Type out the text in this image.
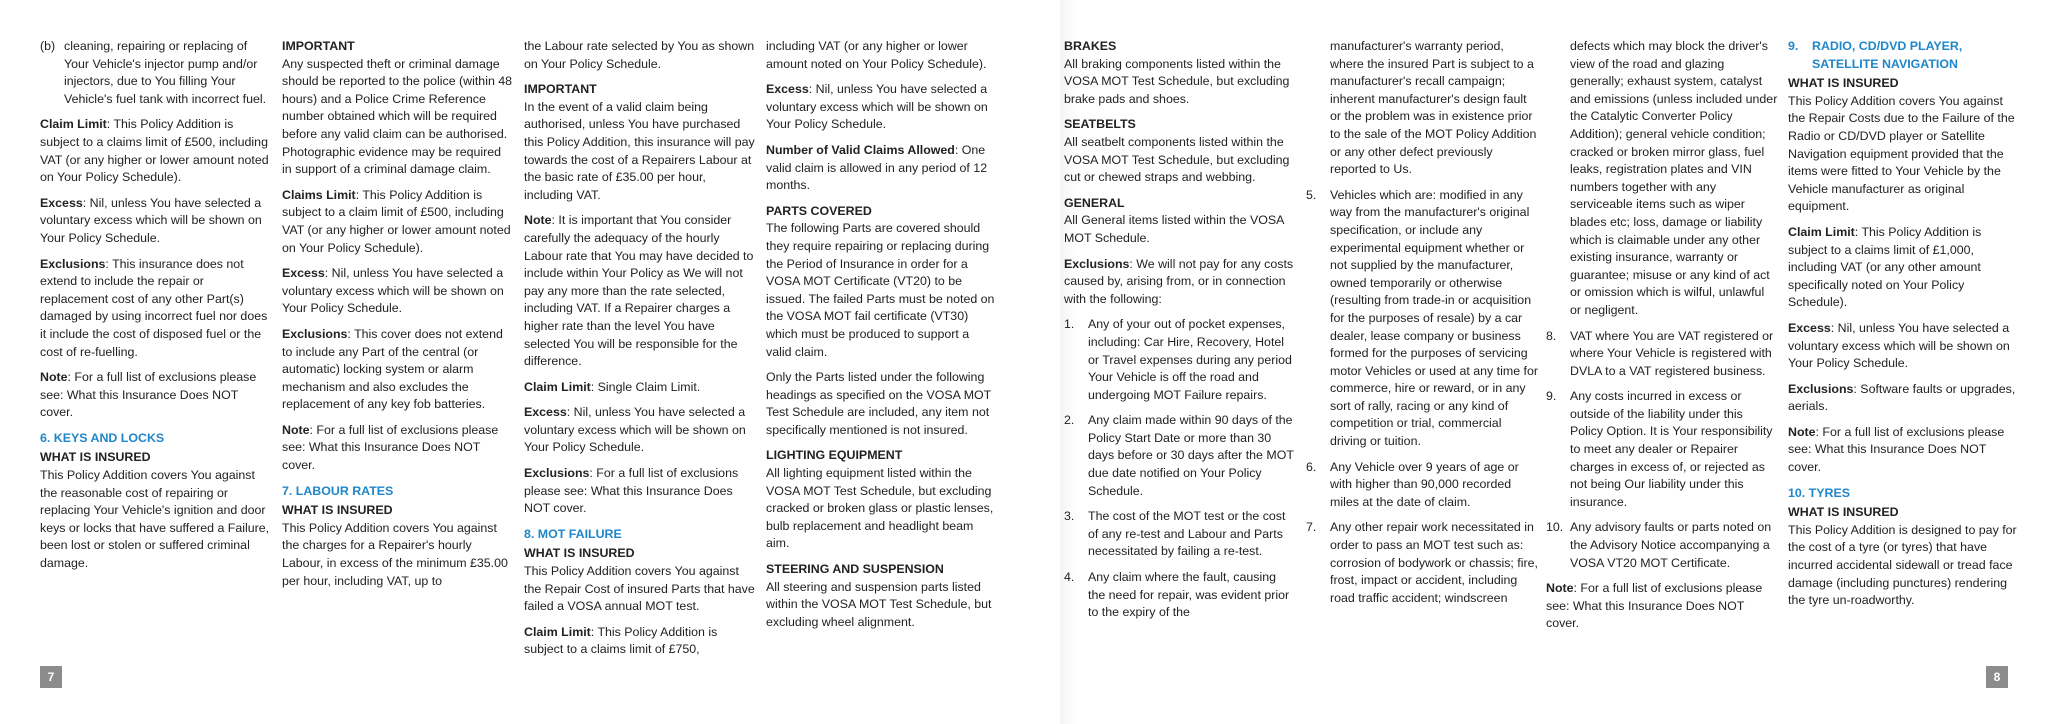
(b) cleaning, repairing or replacing of Your Vehicle's injector pump and/or injectors, due to You filling Your Vehicle's fuel tank with incorrect fuel.

Claim Limit: This Policy Addition is subject to a claims limit of £500, including VAT (or any higher or lower amount noted on Your Policy Schedule).

Excess: Nil, unless You have selected a voluntary excess which will be shown on Your Policy Schedule.

Exclusions: This insurance does not extend to include the repair or replacement cost of any other Part(s) damaged by using incorrect fuel nor does it include the cost of disposed fuel or the cost of re-fuelling.

Note: For a full list of exclusions please see: What this Insurance Does NOT cover.

6. KEYS AND LOCKS
WHAT IS INSURED

This Policy Addition covers You against the reasonable cost of repairing or replacing Your Vehicle's ignition and door keys or locks that have suffered a Failure, been lost or stolen or suffered criminal damage.

IMPORTANT

Any suspected theft or criminal damage should be reported to the police (within 48 hours) and a Police Crime Reference number obtained which will be required before any valid claim can be authorised. Photographic evidence may be required in support of a criminal damage claim.

Claims Limit: This Policy Addition is subject to a claim limit of £500, including VAT (or any higher or lower amount noted on Your Policy Schedule).

Excess: Nil, unless You have selected a voluntary excess which will be shown on Your Policy Schedule.

Exclusions: This cover does not extend to include any Part of the central (or automatic) locking system or alarm mechanism and also excludes the replacement of any key fob batteries.

Note: For a full list of exclusions please see: What this Insurance Does NOT cover.

7. LABOUR RATES
WHAT IS INSURED

This Policy Addition covers You against the charges for a Repairer's hourly Labour, in excess of the minimum £35.00 per hour, including VAT, up to

the Labour rate selected by You as shown on Your Policy Schedule.

IMPORTANT

In the event of a valid claim being authorised, unless You have purchased this Policy Addition, this insurance will pay towards the cost of a Repairers Labour at the basic rate of £35.00 per hour, including VAT.

Note: It is important that You consider carefully the adequacy of the hourly Labour rate that You may have decided to include within Your Policy as We will not pay any more than the rate selected, including VAT. If a Repairer charges a higher rate than the level You have selected You will be responsible for the difference.

Claim Limit: Single Claim Limit.

Excess: Nil, unless You have selected a voluntary excess which will be shown on Your Policy Schedule.

Exclusions: For a full list of exclusions please see: What this Insurance Does NOT cover.

8. MOT FAILURE
WHAT IS INSURED

This Policy Addition covers You against the Repair Cost of insured Parts that have failed a VOSA annual MOT test.

Claim Limit: This Policy Addition is subject to a claims limit of £750,

including VAT (or any higher or lower amount noted on Your Policy Schedule).

Excess: Nil, unless You have selected a voluntary excess which will be shown on Your Policy Schedule.

Number of Valid Claims Allowed: One valid claim is allowed in any period of 12 months.

PARTS COVERED

The following Parts are covered should they require repairing or replacing during the Period of Insurance in order for a VOSA MOT Certificate (VT20) to be issued. The failed Parts must be noted on the VOSA MOT fail certificate (VT30) which must be produced to support a valid claim.

Only the Parts listed under the following headings as specified on the VOSA MOT Test Schedule are included, any item not specifically mentioned is not insured.

LIGHTING EQUIPMENT

All lighting equipment listed within the VOSA MOT Test Schedule, but excluding cracked or broken glass or plastic lenses, bulb replacement and headlight beam aim.

STEERING AND SUSPENSION

All steering and suspension parts listed within the VOSA MOT Test Schedule, but excluding wheel alignment.

BRAKES

All braking components listed within the VOSA MOT Test Schedule, but excluding brake pads and shoes.

SEATBELTS

All seatbelt components listed within the VOSA MOT Test Schedule, but excluding cut or chewed straps and webbing.

GENERAL

All General items listed within the VOSA MOT Schedule.

Exclusions: We will not pay for any costs caused by, arising from, or in connection with the following:

1. Any of your out of pocket expenses, including: Car Hire, Recovery, Hotel or Travel expenses during any period Your Vehicle is off the road and undergoing MOT Failure repairs.
2. Any claim made within 90 days of the Policy Start Date or more than 30 days before or 30 days after the MOT due date notified on Your Policy Schedule.
3. The cost of the MOT test or the cost of any re-test and Labour and Parts necessitated by failing a re-test.
4. Any claim where the fault, causing the need for repair, was evident prior to the expiry of the

manufacturer's warranty period, where the insured Part is subject to a manufacturer's recall campaign; inherent manufacturer's design fault or the problem was in existence prior to the sale of the MOT Policy Addition or any other defect previously reported to Us.

5. Vehicles which are: modified in any way from the manufacturer's original specification, or include any experimental equipment whether or not supplied by the manufacturer, owned temporarily or otherwise (resulting from trade-in or acquisition for the purposes of resale) by a car dealer, lease company or business formed for the purposes of servicing motor Vehicles or used at any time for commerce, hire or reward, or in any sort of rally, racing or any kind of competition or trial, commercial driving or tuition.
6. Any Vehicle over 9 years of age or with higher than 90,000 recorded miles at the date of claim.
7. Any other repair work necessitated in order to pass an MOT test such as: corrosion of bodywork or chassis; fire, frost, impact or accident, including road traffic accident; windscreen

defects which may block the driver's view of the road and glazing generally; exhaust system, catalyst and emissions (unless included under the Catalytic Converter Policy Addition); general vehicle condition; cracked or broken mirror glass, fuel leaks, registration plates and VIN numbers together with any serviceable items such as wiper blades etc; loss, damage or liability which is claimable under any other existing insurance, warranty or guarantee; misuse or any kind of act or omission which is wilful, unlawful or negligent.

8. VAT where You are VAT registered or where Your Vehicle is registered with DVLA to a VAT registered business.
9. Any costs incurred in excess or outside of the liability under this Policy Option. It is Your responsibility to meet any dealer or Repairer charges in excess of, or rejected as not being Our liability under this insurance.
10. Any advisory faults or parts noted on the Advisory Notice accompanying a VOSA VT20 MOT Certificate.

Note: For a full list of exclusions please see: What this Insurance Does NOT cover.

9. RADIO, CD/DVD PLAYER, SATELLITE NAVIGATION
WHAT IS INSURED

This Policy Addition covers You against the Repair Costs due to the Failure of the Radio or CD/DVD player or Satellite Navigation equipment provided that the items were fitted to Your Vehicle by the Vehicle manufacturer as original equipment.

Claim Limit: This Policy Addition is subject to a claims limit of £1,000, including VAT (or any other amount specifically noted on Your Policy Schedule).

Excess: Nil, unless You have selected a voluntary excess which will be shown on Your Policy Schedule.

Exclusions: Software faults or upgrades, aerials.

Note: For a full list of exclusions please see: What this Insurance Does NOT cover.

10. TYRES
WHAT IS INSURED

This Policy Addition is designed to pay for the cost of a tyre (or tyres) that have incurred accidental sidewall or tread face damage (including punctures) rendering the tyre un-roadworthy.

7	8
